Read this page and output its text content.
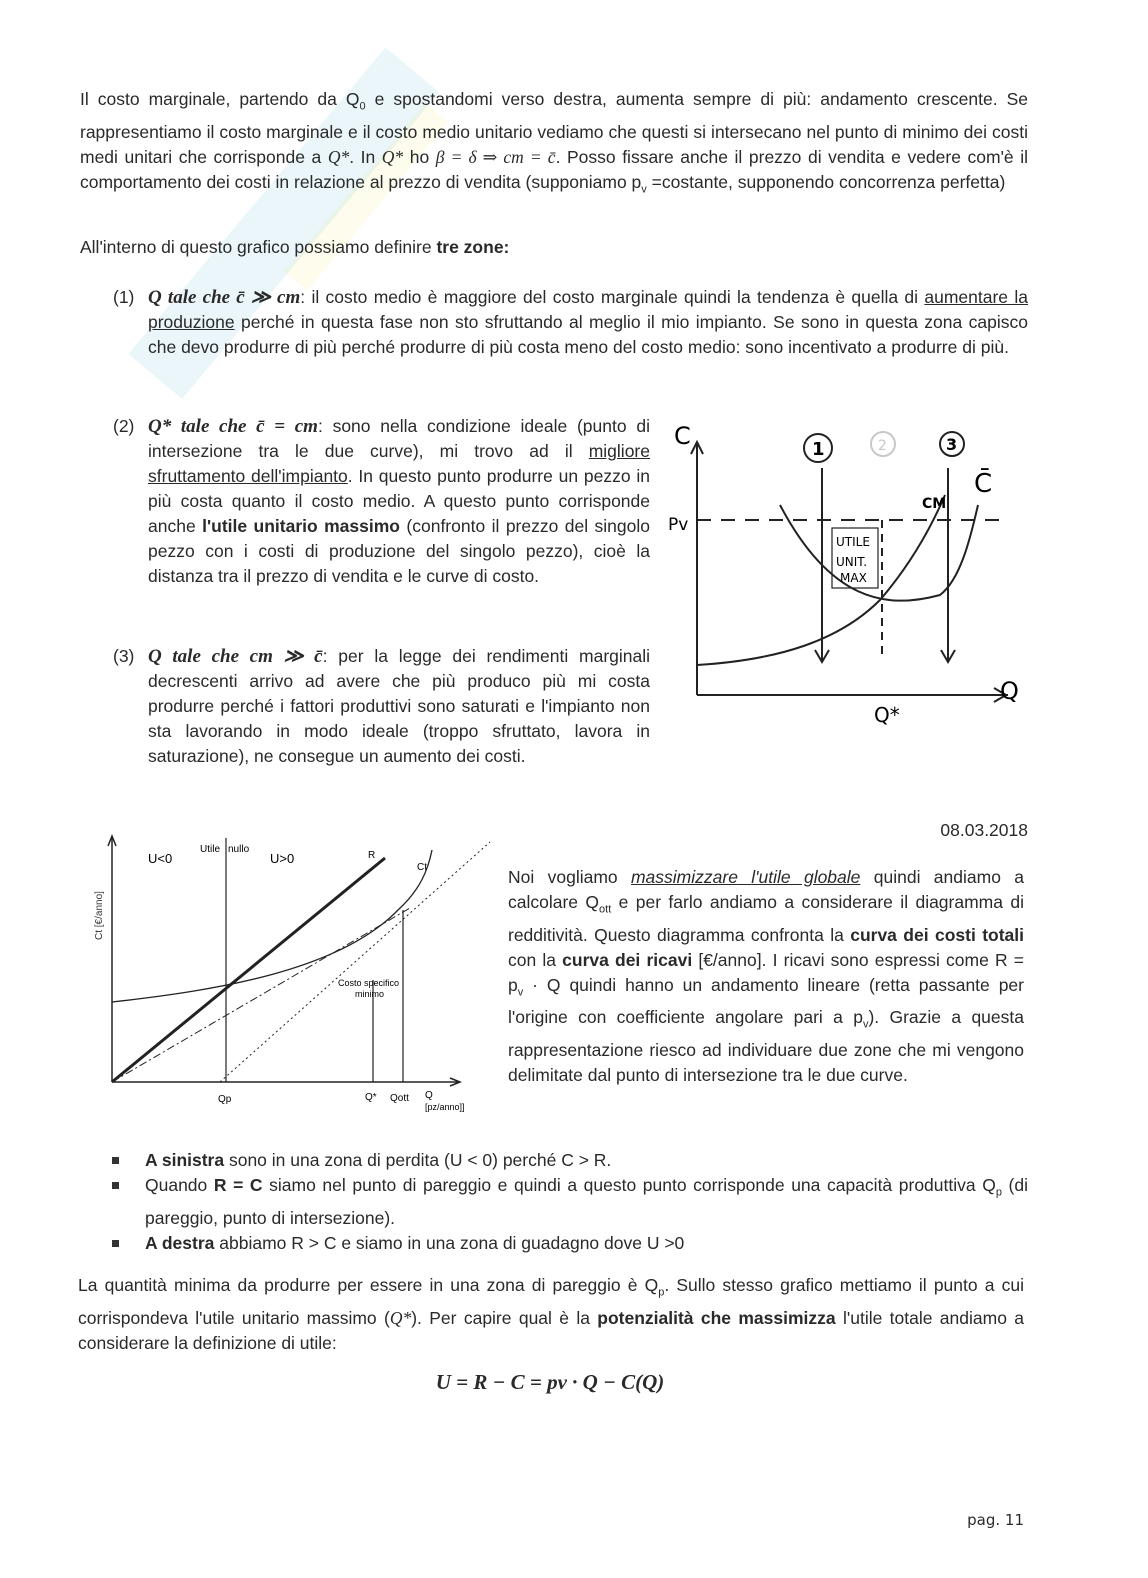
Il costo marginale, partendo da $Q_0$ e spostandomi verso destra, aumenta sempre di più: andamento crescente. Se rappresentiamo il costo marginale e il costo medio unitario vediamo che questi si intersecano nel punto di minimo dei costi medi unitari che corrisponde a Q*. In Q* ho β = δ ⇒ cm = c̄. Posso fissare anche il prezzo di vendita e vedere com'è il comportamento dei costi in relazione al prezzo di vendita (supponiamo $p_v$ =costante, supponendo concorrenza perfetta)
All'interno di questo grafico possiamo definire tre zone:
(1) Q tale che c̄ ≫ cm: il costo medio è maggiore del costo marginale quindi la tendenza è quella di aumentare la produzione perché in questa fase non sto sfruttando al meglio il mio impianto. Se sono in questa zona capisco che devo produrre di più perché produrre di più costa meno del costo medio: sono incentivato a produrre di più.
(2) Q* tale che c̄ = cm: sono nella condizione ideale (punto di intersezione tra le due curve), mi trovo ad il migliore sfruttamento dell'impianto. In questo punto produrre un pezzo in più costa quanto il costo medio. A questo punto corrisponde anche l'utile unitario massimo (confronto il prezzo del singolo pezzo con i costi di produzione del singolo pezzo), cioè la distanza tra il prezzo di vendita e le curve di costo.
(3) Q tale che cm ≫ c̄: per la legge dei rendimenti marginali decrescenti arrivo ad avere che più produco più mi costa produrre perché i fattori produttivi sono saturati e l'impianto non sta lavorando in modo ideale (troppo sfruttato, lavora in saturazione), ne consegue un aumento dei costi.
C
Pv
1	2	3
C̄
CM
UTILE
UNIT.
MAX
Q
Q*
08.03.2018
Ct [€/anno]
U<0
Utile nullo
U>0	R
Ct
Costo specifico
minimo
Qp	Q* Qott Q
[pz/anno]]
Noi vogliamo massimizzare l'utile globale quindi andiamo a calcolare $Q_{ott}$ e per farlo andiamo a considerare il diagramma di redditività. Questo diagramma confronta la curva dei costi totali con la curva dei ricavi [€/anno]. I ricavi sono espressi come $R = p_v \cdot Q$ quindi hanno un andamento lineare (retta passante per l'origine con coefficiente angolare pari a $p_v$). Grazie a questa rappresentazione riesco ad individuare due zone che mi vengono delimitate dal punto di intersezione tra le due curve.
A sinistra sono in una zona di perdita (U < 0) perché C > R.
Quando R = C siamo nel punto di pareggio e quindi a questo punto corrisponde una capacità produttiva $Q_p$ (di pareggio, punto di intersezione).
A destra abbiamo R > C e siamo in una zona di guadagno dove U >0
La quantità minima da produrre per essere in una zona di pareggio è $Q_p$. Sullo stesso grafico mettiamo il punto a cui corrispondeva l'utile unitario massimo (Q*). Per capire qual è la potenzialità che massimizza l'utile totale andiamo a considerare la definizione di utile:
U = R − C = pv · Q − C(Q)
pag. 11
